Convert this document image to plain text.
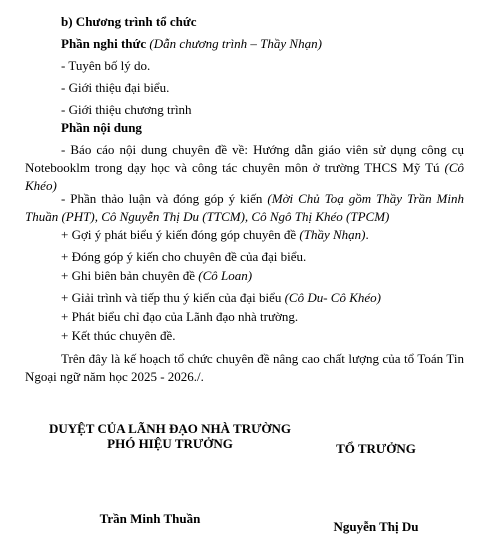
b) Chương trình tổ chức
Phần nghi thức (Dẫn chương trình – Thầy Nhạn)
- Tuyên bố lý do.
- Giới thiệu đại biểu.
- Giới thiệu chương trình
Phần nội dung
- Báo cáo nội dung chuyên đề về: Hướng dẫn giáo viên sử dụng công cụ Notebooklm trong dạy học và công tác chuyên môn ở trường THCS Mỹ Tú (Cô Khéo)
- Phần thảo luận và đóng góp ý kiến (Mời Chủ Toạ gồm Thầy Trần Minh Thuần (PHT), Cô Nguyễn Thị Du (TTCM), Cô Ngô Thị Khéo (TPCM)
+ Gợi ý phát biểu ý kiến đóng góp chuyên đề (Thầy Nhạn).
+ Đóng góp ý kiến cho chuyên đề của đại biểu.
+ Ghi biên bản chuyên đề (Cô Loan)
+ Giải trình và tiếp thu ý kiến của đại biểu (Cô Du- Cô Khéo)
+ Phát biểu chỉ đạo của Lãnh đạo nhà trường.
+ Kết thúc chuyên đề.
Trên đây là kế hoạch tổ chức chuyên đề nâng cao chất lượng của tổ Toán Tin Ngoại ngữ năm học 2025 - 2026./.
DUYỆT CỦA LÃNH ĐẠO NHÀ TRƯỜNG
PHÓ HIỆU TRƯỞNG	TỔ TRƯỞNG
Trần Minh Thuần
Nguyễn Thị Du
